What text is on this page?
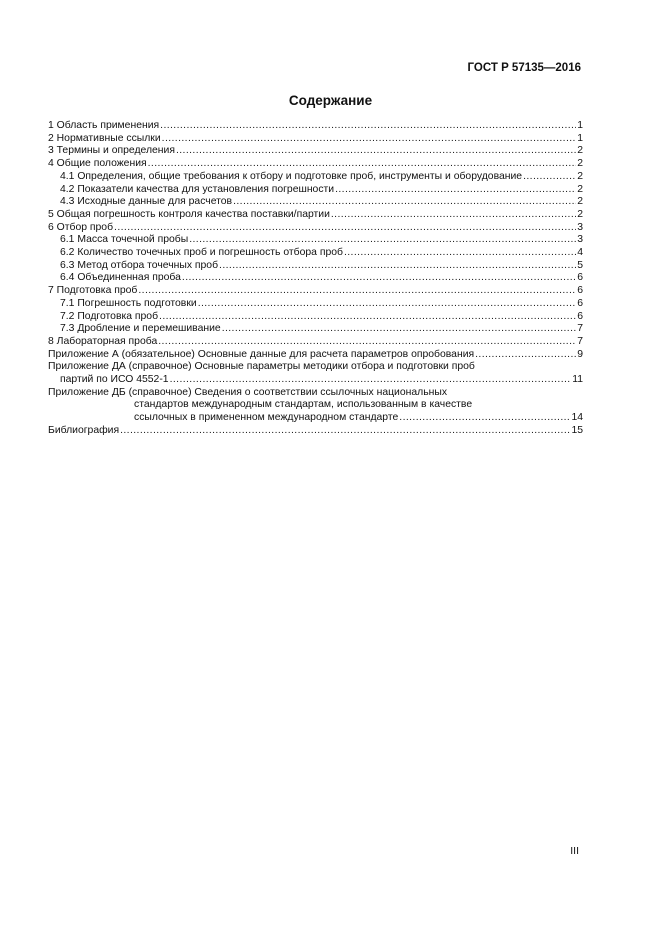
ГОСТ Р 57135—2016
Содержание
1 Область применения .....	1
2 Нормативные ссылки .....	1
3 Термины и определения .....	2
4 Общие положения .....	2
4.1 Определения, общие требования к отбору и подготовке проб, инструменты и оборудование .....	2
4.2 Показатели качества для установления погрешности .....	2
4.3 Исходные данные для расчетов .....	2
5 Общая погрешность контроля качества поставки/партии .....	2
6 Отбор проб .....	3
6.1 Масса точечной пробы .....	3
6.2 Количество точечных проб и погрешность отбора проб .....	4
6.3 Метод отбора точечных проб .....	5
6.4 Объединенная проба .....	6
7 Подготовка проб .....	6
7.1 Погрешность подготовки .....	6
7.2 Подготовка проб .....	6
7.3 Дробление и перемешивание .....	7
8 Лабораторная проба .....	7
Приложение А (обязательное) Основные данные для расчета параметров опробования .....	9
Приложение ДА (справочное) Основные параметры методики отбора и подготовки проб
партий по ИСО 4552-1 .....	11
Приложение ДБ (справочное) Сведения о соответствии ссылочных национальных
стандартов международным стандартам, использованным в качестве
ссылочных в примененном международном стандарте .....	14
Библиография .....	15
III
